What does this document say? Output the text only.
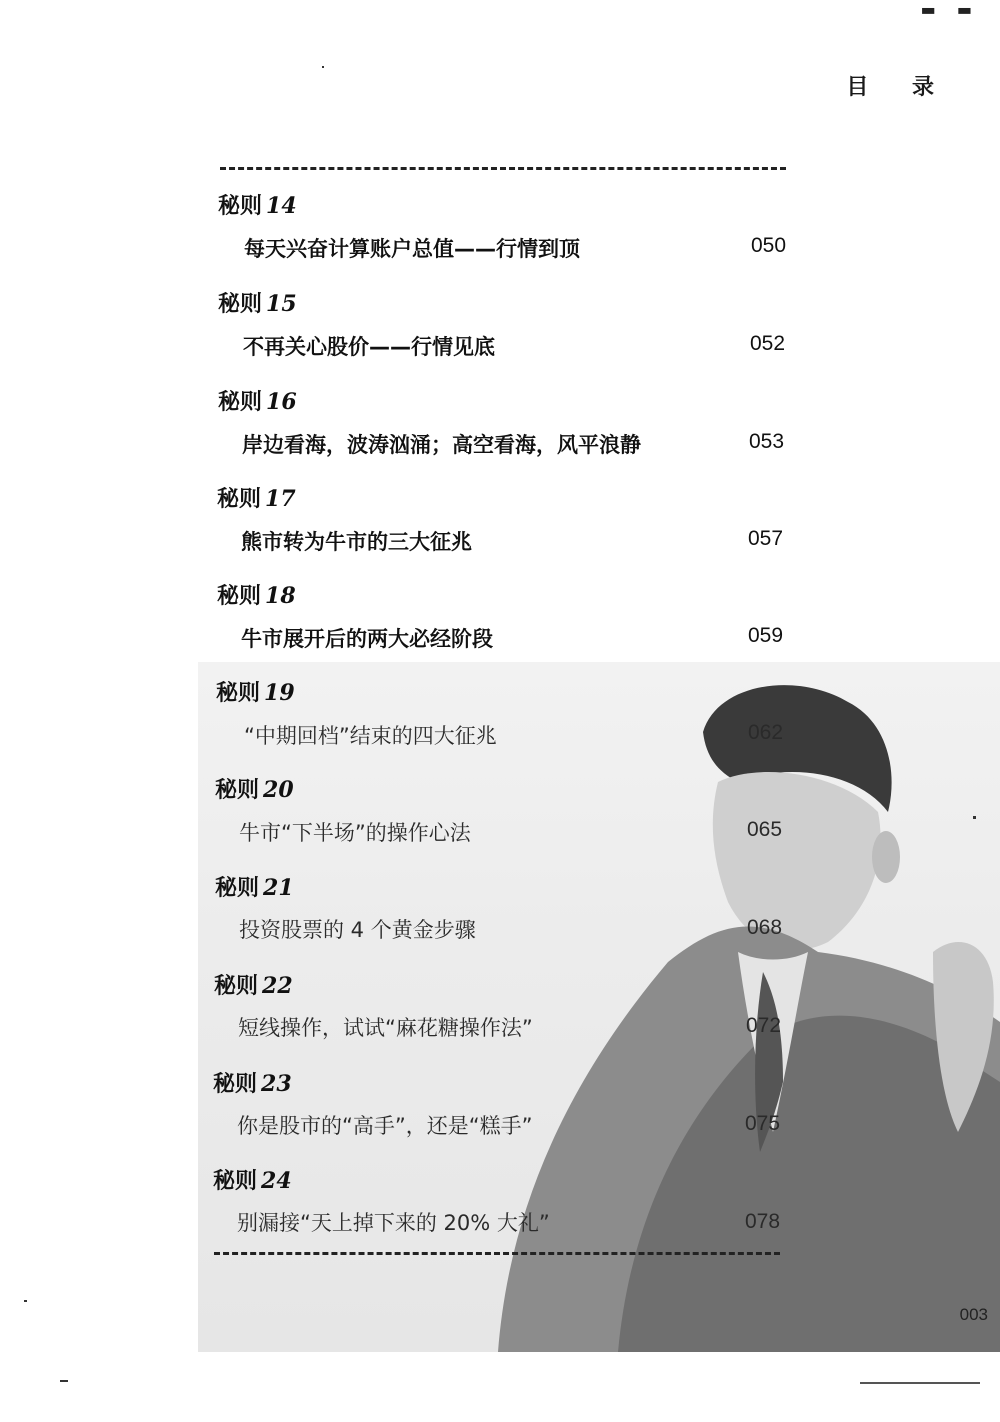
▬ ▬
目 录
秘则 14
每天兴奋计算账户总值——行情到顶	050
秘则 15
不再关心股价——行情见底	052
秘则 16
岸边看海，波涛汹涌；高空看海，风平浪静	053
秘则 17
熊市转为牛市的三大征兆	057
秘则 18
牛市展开后的两大必经阶段	059
秘则 19
“中期回档”结束的四大征兆	062
秘则 20
牛市“下半场”的操作心法	065
秘则 21
投资股票的 4 个黄金步骤	068
秘则 22
短线操作，试试“麻花糖操作法”	072
秘则 23
你是股市的“高手”，还是“糕手”	075
秘则 24
别漏接“天上掉下来的 20% 大礼”	078
003
